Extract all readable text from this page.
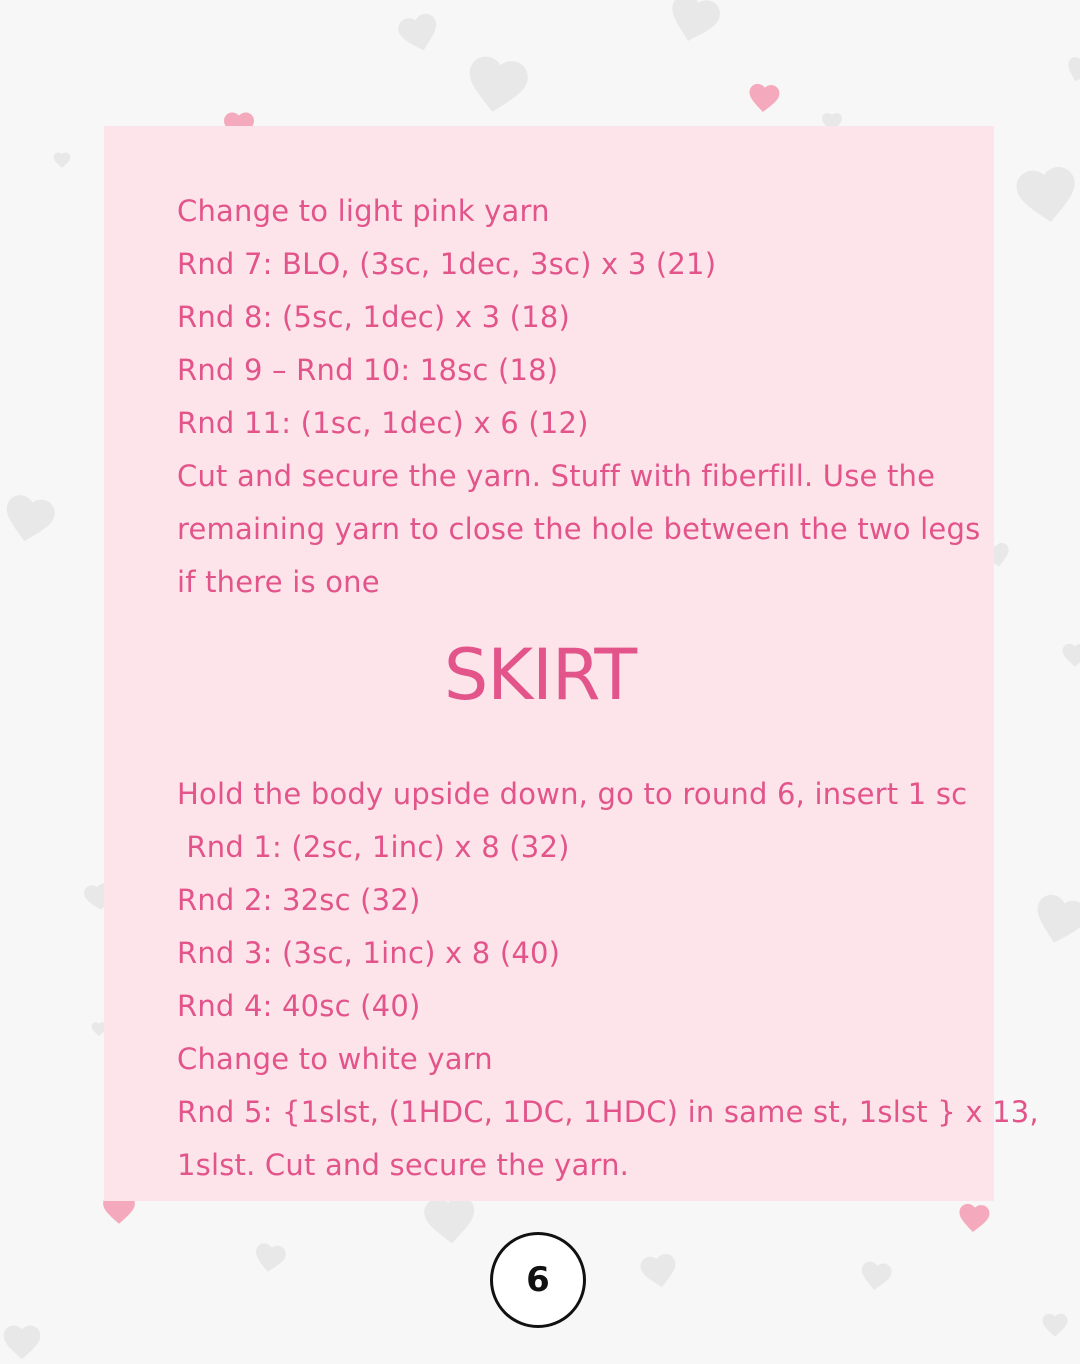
Change to light pink yarn
Rnd 7: BLO, (3sc, 1dec, 3sc) x 3 (21)
Rnd 8: (5sc, 1dec) x 3 (18)
Rnd 9 – Rnd 10: 18sc (18)
Rnd 11: (1sc, 1dec) x 6 (12)
Cut and secure the yarn. Stuff with fiberfill. Use the
remaining yarn to close the hole between the two legs
if there is one
SKIRT
Hold the body upside down, go to round 6, insert 1 sc
Rnd 1: (2sc, 1inc) x 8 (32)
Rnd 2: 32sc (32)
Rnd 3: (3sc, 1inc) x 8 (40)
Rnd 4: 40sc (40)
Change to white yarn
Rnd 5: {1slst, (1HDC, 1DC, 1HDC) in same st, 1slst } x 13,
1slst. Cut and secure the yarn.
6
